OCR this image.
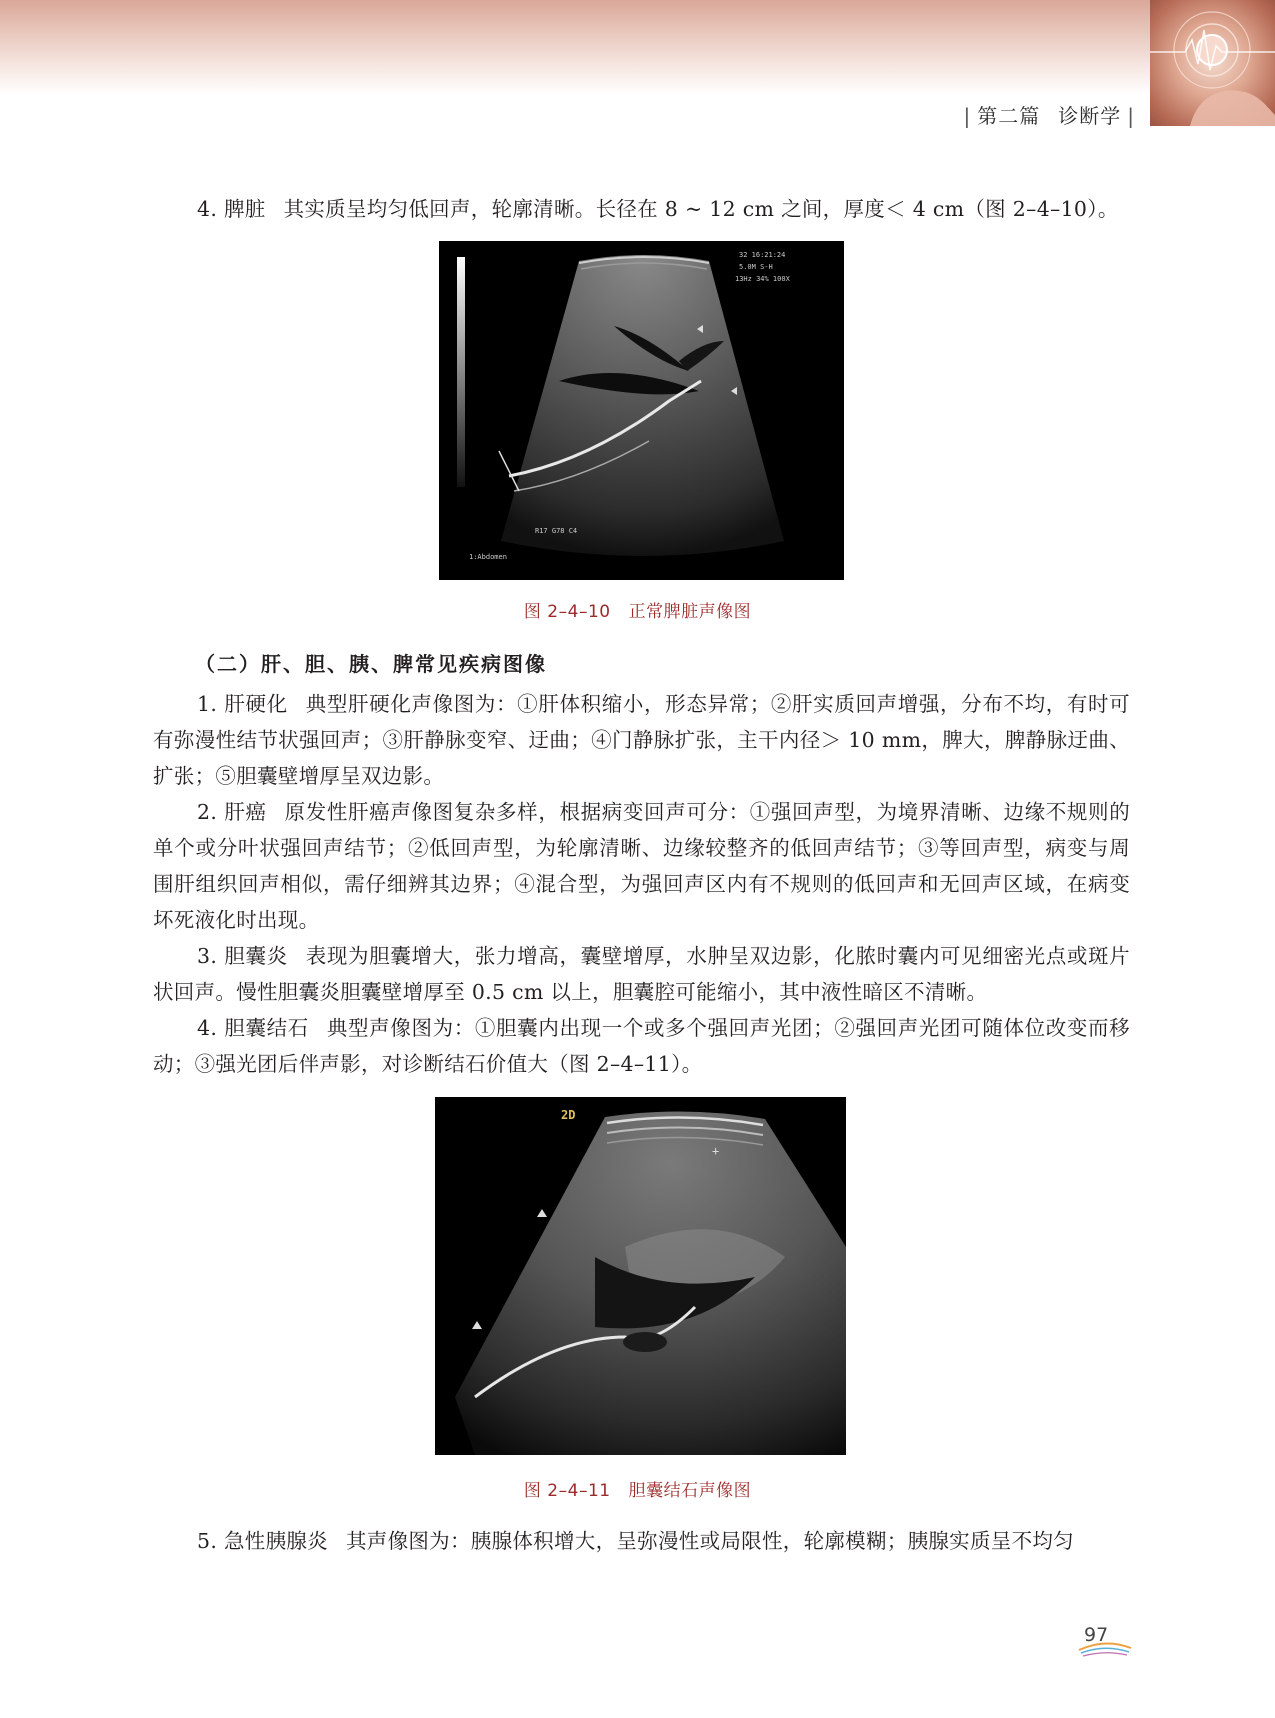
| 第二篇 诊断学 |

4. 脾脏 其实质呈均匀低回声，轮廓清晰。长径在 8 ~ 12 cm 之间，厚度＜ 4 cm（图 2–4–10）。

32 16:21:24
5.0M S-H
13Hz 34% 100X
R17 G78 C4
1:Abdomen

图 2–4–10 正常脾脏声像图

（二）肝、胆、胰、脾常见疾病图像

1. 肝硬化 典型肝硬化声像图为：①肝体积缩小，形态异常；②肝实质回声增强，分布不均，有时可有弥漫性结节状强回声；③肝静脉变窄、迂曲；④门静脉扩张，主干内径＞ 10 mm，脾大，脾静脉迂曲、扩张；⑤胆囊壁增厚呈双边影。

2. 肝癌 原发性肝癌声像图复杂多样，根据病变回声可分：①强回声型，为境界清晰、边缘不规则的单个或分叶状强回声结节；②低回声型，为轮廓清晰、边缘较整齐的低回声结节；③等回声型，病变与周围肝组织回声相似，需仔细辨其边界；④混合型，为强回声区内有不规则的低回声和无回声区域，在病变坏死液化时出现。

3. 胆囊炎 表现为胆囊增大，张力增高，囊壁增厚，水肿呈双边影，化脓时囊内可见细密光点或斑片状回声。慢性胆囊炎胆囊壁增厚至 0.5 cm 以上，胆囊腔可能缩小，其中液性暗区不清晰。

4. 胆囊结石 典型声像图为：①胆囊内出现一个或多个强回声光团；②强回声光团可随体位改变而移动；③强光团后伴声影，对诊断结石价值大（图 2–4–11）。

+
2D

图 2–4–11 胆囊结石声像图

5. 急性胰腺炎 其声像图为：胰腺体积增大，呈弥漫性或局限性，轮廓模糊；胰腺实质呈不均匀

97
